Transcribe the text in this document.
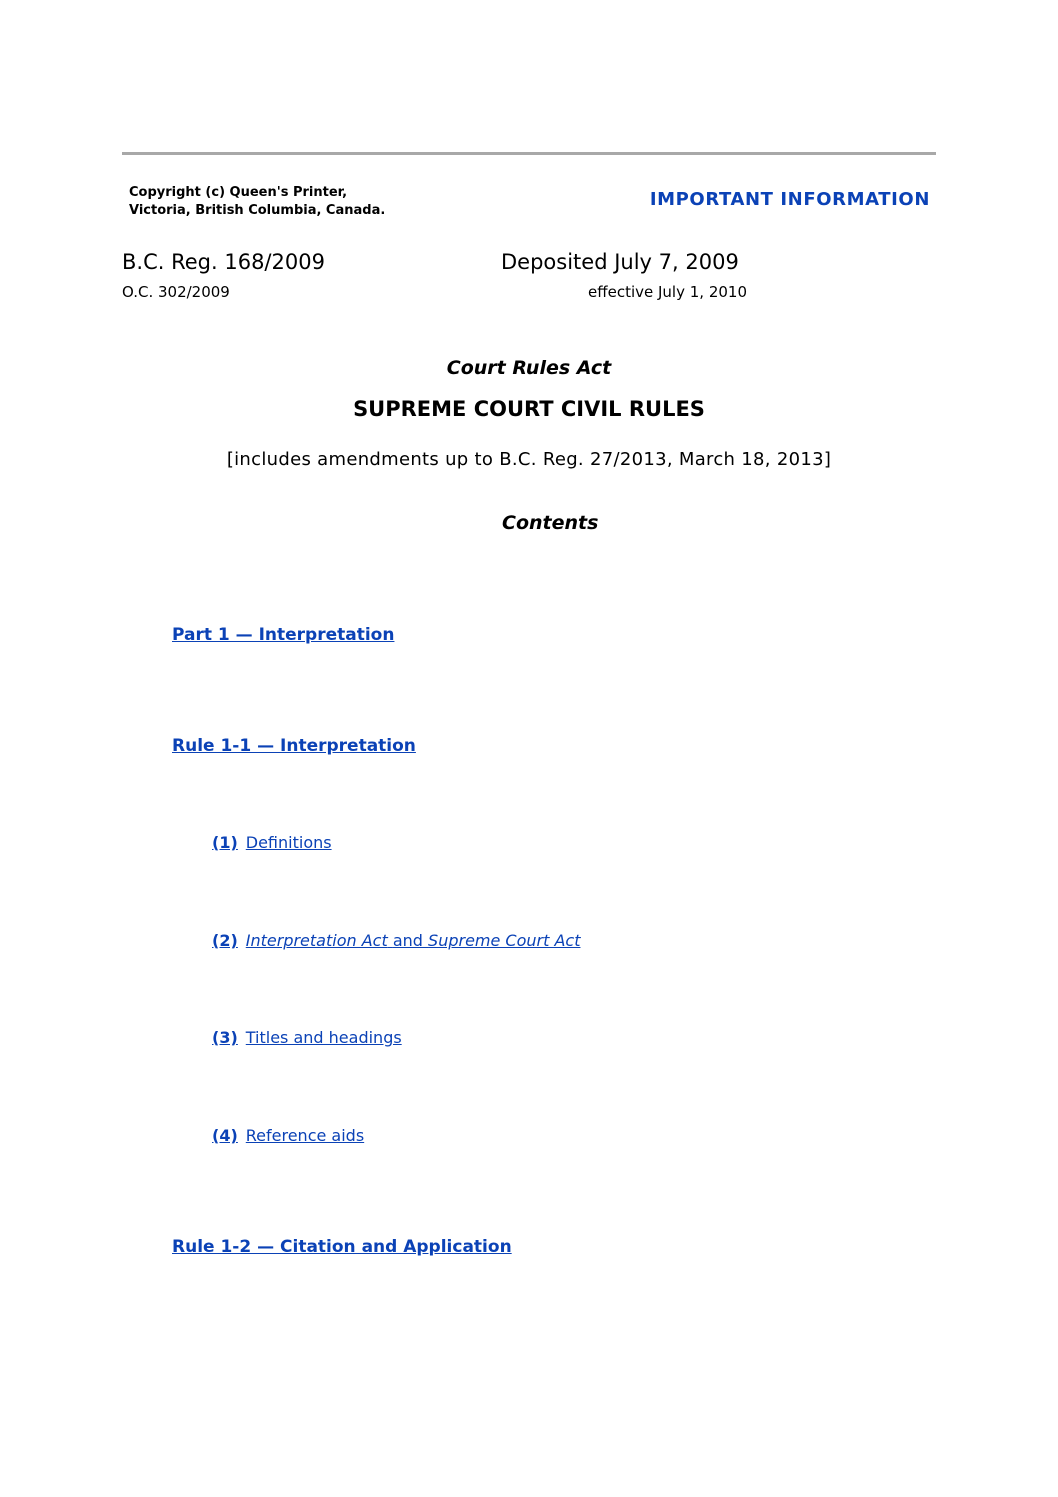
Copyright (c) Queen's Printer,
Victoria, British Columbia, Canada.
IMPORTANT INFORMATION
B.C. Reg. 168/2009	Deposited July 7, 2009
O.C. 302/2009	effective July 1, 2010
Court Rules Act
SUPREME COURT CIVIL RULES
[includes amendments up to B.C. Reg. 27/2013, March 18, 2013]
Contents
Part 1 — Interpretation
Rule 1-1 — Interpretation
(1) Definitions
(2) Interpretation Act and Supreme Court Act
(3) Titles and headings
(4) Reference aids
Rule 1-2 — Citation and Application
